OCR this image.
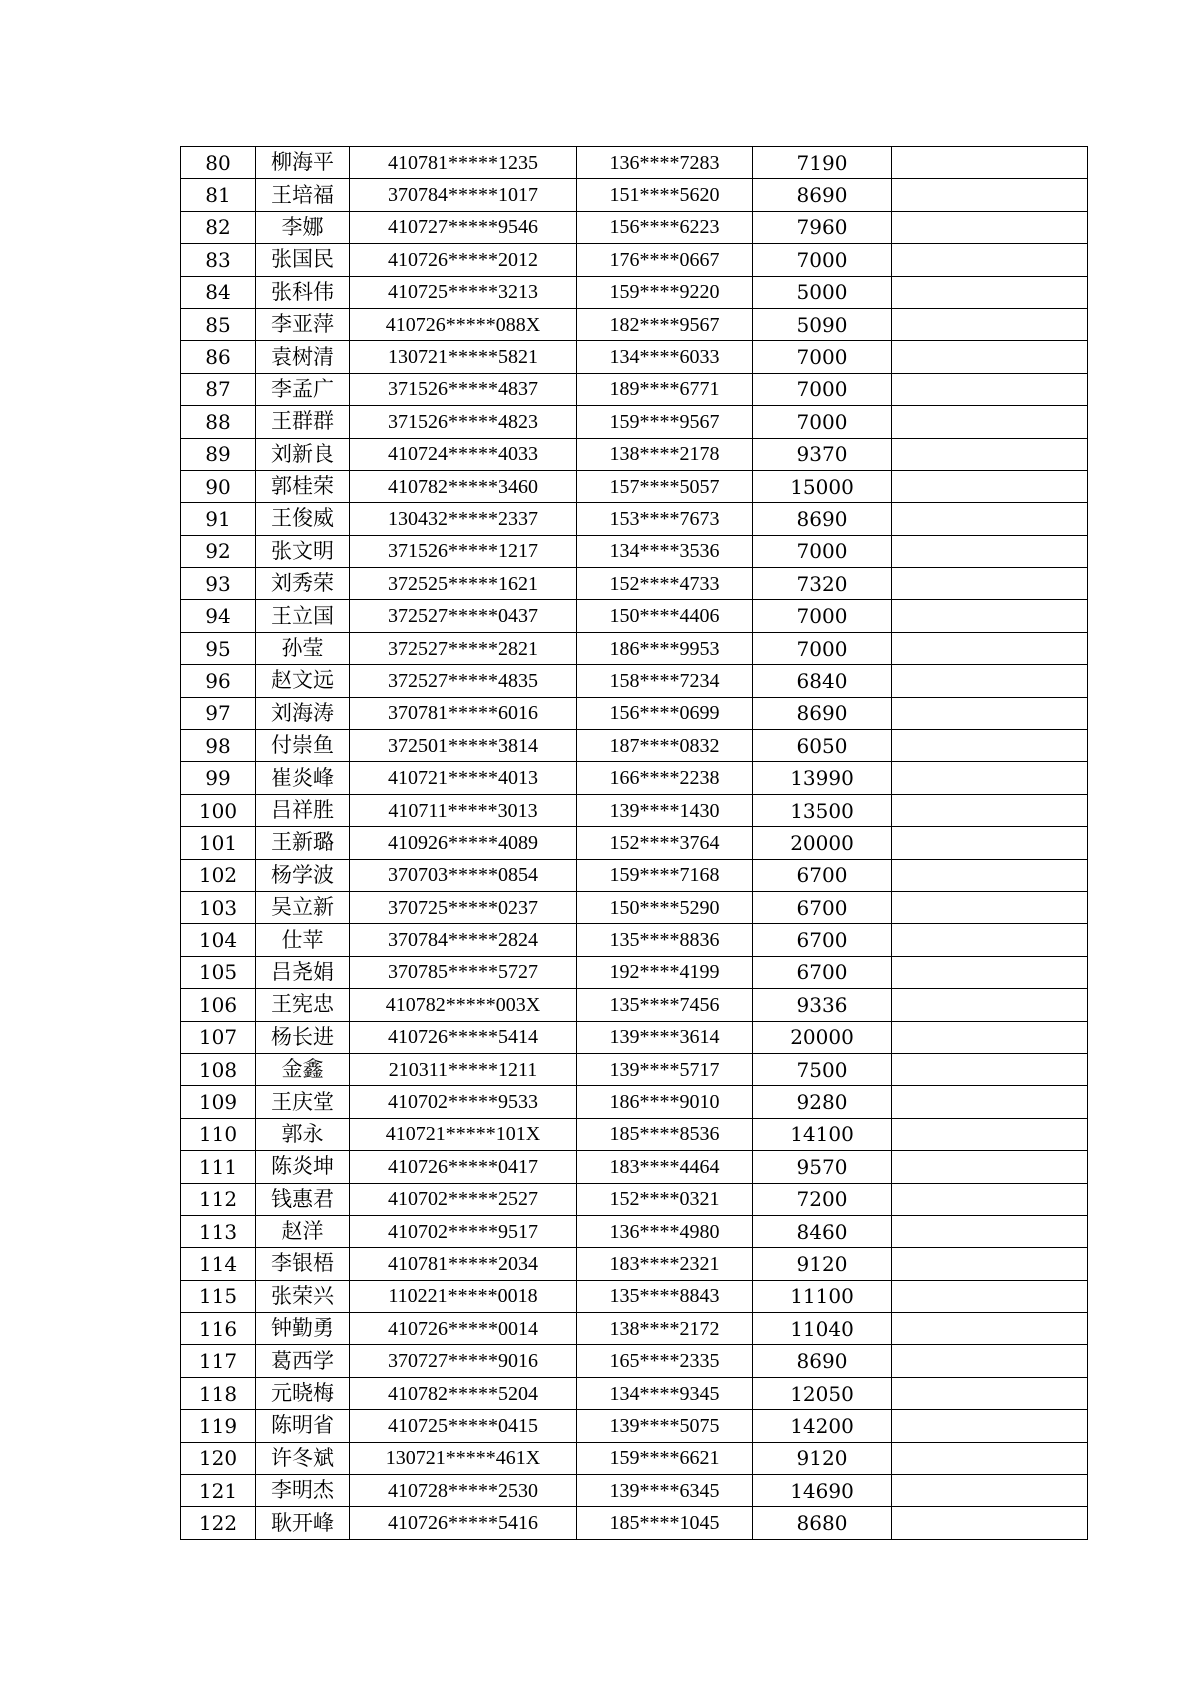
80	柳海平	410781*****1235	136****7283	7190	
81	王培福	370784*****1017	151****5620	8690	
82	李娜	410727*****9546	156****6223	7960	
83	张国民	410726*****2012	176****0667	7000	
84	张科伟	410725*****3213	159****9220	5000	
85	李亚萍	410726*****088X	182****9567	5090	
86	袁树清	130721*****5821	134****6033	7000	
87	李孟广	371526*****4837	189****6771	7000	
88	王群群	371526*****4823	159****9567	7000	
89	刘新良	410724*****4033	138****2178	9370	
90	郭桂荣	410782*****3460	157****5057	15000	
91	王俊威	130432*****2337	153****7673	8690	
92	张文明	371526*****1217	134****3536	7000	
93	刘秀荣	372525*****1621	152****4733	7320	
94	王立国	372527*****0437	150****4406	7000	
95	孙莹	372527*****2821	186****9953	7000	
96	赵文远	372527*****4835	158****7234	6840	
97	刘海涛	370781*****6016	156****0699	8690	
98	付崇鱼	372501*****3814	187****0832	6050	
99	崔炎峰	410721*****4013	166****2238	13990	
100	吕祥胜	410711*****3013	139****1430	13500	
101	王新璐	410926*****4089	152****3764	20000	
102	杨学波	370703*****0854	159****7168	6700	
103	吴立新	370725*****0237	150****5290	6700	
104	仕苹	370784*****2824	135****8836	6700	
105	吕尧娟	370785*****5727	192****4199	6700	
106	王宪忠	410782*****003X	135****7456	9336	
107	杨长进	410726*****5414	139****3614	20000	
108	金鑫	210311*****1211	139****5717	7500	
109	王庆堂	410702*****9533	186****9010	9280	
110	郭永	410721*****101X	185****8536	14100	
111	陈炎坤	410726*****0417	183****4464	9570	
112	钱惠君	410702*****2527	152****0321	7200	
113	赵洋	410702*****9517	136****4980	8460	
114	李银梧	410781*****2034	183****2321	9120	
115	张荣兴	110221*****0018	135****8843	11100	
116	钟勤勇	410726*****0014	138****2172	11040	
117	葛西学	370727*****9016	165****2335	8690	
118	元晓梅	410782*****5204	134****9345	12050	
119	陈明省	410725*****0415	139****5075	14200	
120	许冬斌	130721*****461X	159****6621	9120	
121	李明杰	410728*****2530	139****6345	14690	
122	耿开峰	410726*****5416	185****1045	8680	
